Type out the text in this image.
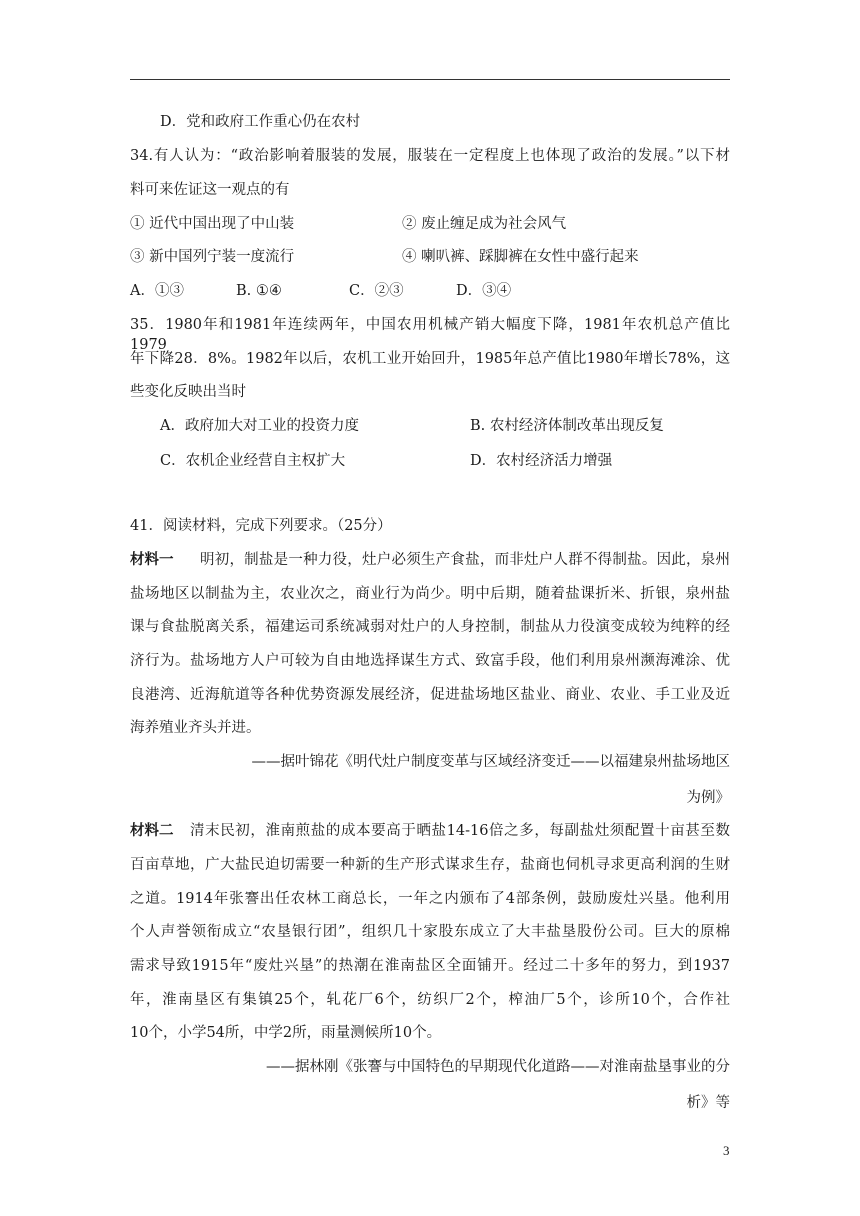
D．党和政府工作重心仍在农村
34.有人认为：“政治影响着服装的发展，服装在一定程度上也体现了政治的发展。”以下材
料可来佐证这一观点的有
① 近代中国出现了中山装	② 废止缠足成为社会风气
③ 新中国列宁装一度流行	④ 喇叭裤、踩脚裤在女性中盛行起来
A．①③	B. ①④	C．②③	D．③④
35．1980年和1981年连续两年，中国农用机械产销大幅度下降，1981年农机总产值比1979
年下降28．8%。1982年以后，农机工业开始回升，1985年总产值比1980年增长78%，这
些变化反映出当时
A．政府加大对工业的投资力度	B. 农村经济体制改革出现反复
C．农机企业经营自主权扩大	D．农村经济活力增强
41．阅读材料，完成下列要求。（25分）
材料一 明初，制盐是一种力役，灶户必须生产食盐，而非灶户人群不得制盐。因此，泉州
盐场地区以制盐为主，农业次之，商业行为尚少。明中后期，随着盐课折米、折银，泉州盐
课与食盐脱离关系，福建运司系统减弱对灶户的人身控制，制盐从力役演变成较为纯粹的经
济行为。盐场地方人户可较为自由地选择谋生方式、致富手段，他们利用泉州濒海滩涂、优
良港湾、近海航道等各种优势资源发展经济，促进盐场地区盐业、商业、农业、手工业及近
海养殖业齐头并进。
——据叶锦花《明代灶户制度变革与区域经济变迁——以福建泉州盐场地区
为例》
材料二 清末民初，淮南煎盐的成本要高于晒盐14-16倍之多，每副盐灶须配置十亩甚至数
百亩草地，广大盐民迫切需要一种新的生产形式谋求生存，盐商也伺机寻求更高利润的生财
之道。1914年张謇出任农林工商总长，一年之内颁布了4部条例，鼓励废灶兴垦。他利用
个人声誉领衔成立“农垦银行团”，组织几十家股东成立了大丰盐垦股份公司。巨大的原棉
需求导致1915年“废灶兴垦”的热潮在淮南盐区全面铺开。经过二十多年的努力，到1937
年，淮南垦区有集镇25个，轧花厂6个，纺织厂2个，榨油厂5个，诊所10个，合作社
10个，小学54所，中学2所，雨量测候所10个。
——据林刚《张謇与中国特色的早期现代化道路——对淮南盐垦事业的分
析》等
3
